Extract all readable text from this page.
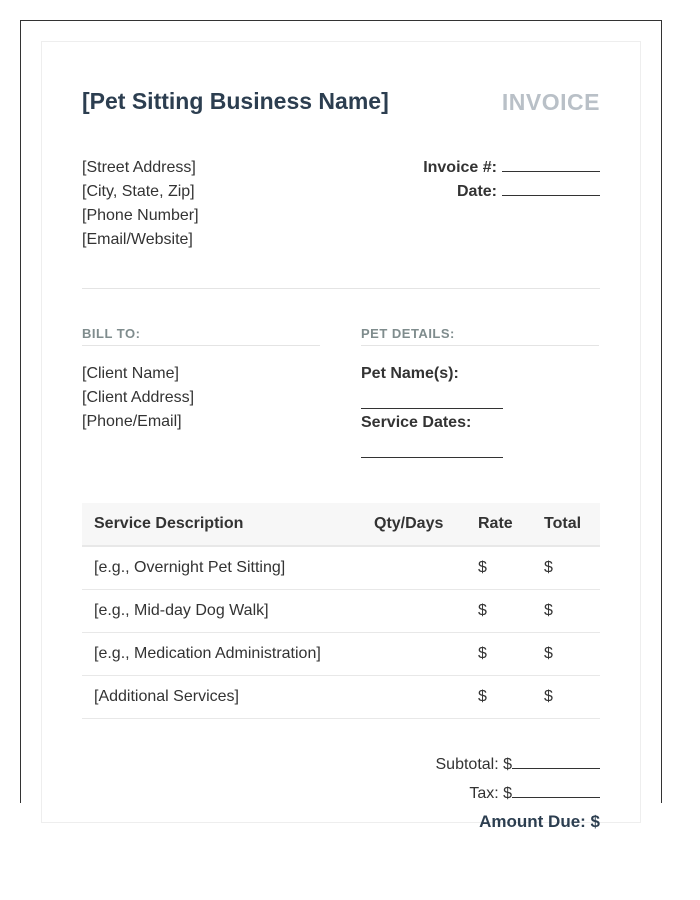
[Pet Sitting Business Name]	INVOICE
[Street Address]
[City, State, Zip]
[Phone Number]
[Email/Website]
Invoice #:
Date:
BILL TO:	PET DETAILS:
[Client Name]
[Client Address]
[Phone/Email]
Pet Name(s):
Service Dates:
Service Description	Qty/Days	Rate	Total
[e.g., Overnight Pet Sitting]		$	$
[e.g., Mid-day Dog Walk]		$	$
[e.g., Medication Administration]		$	$
[Additional Services]		$	$
Subtotal: $
Tax: $
Amount Due: $
